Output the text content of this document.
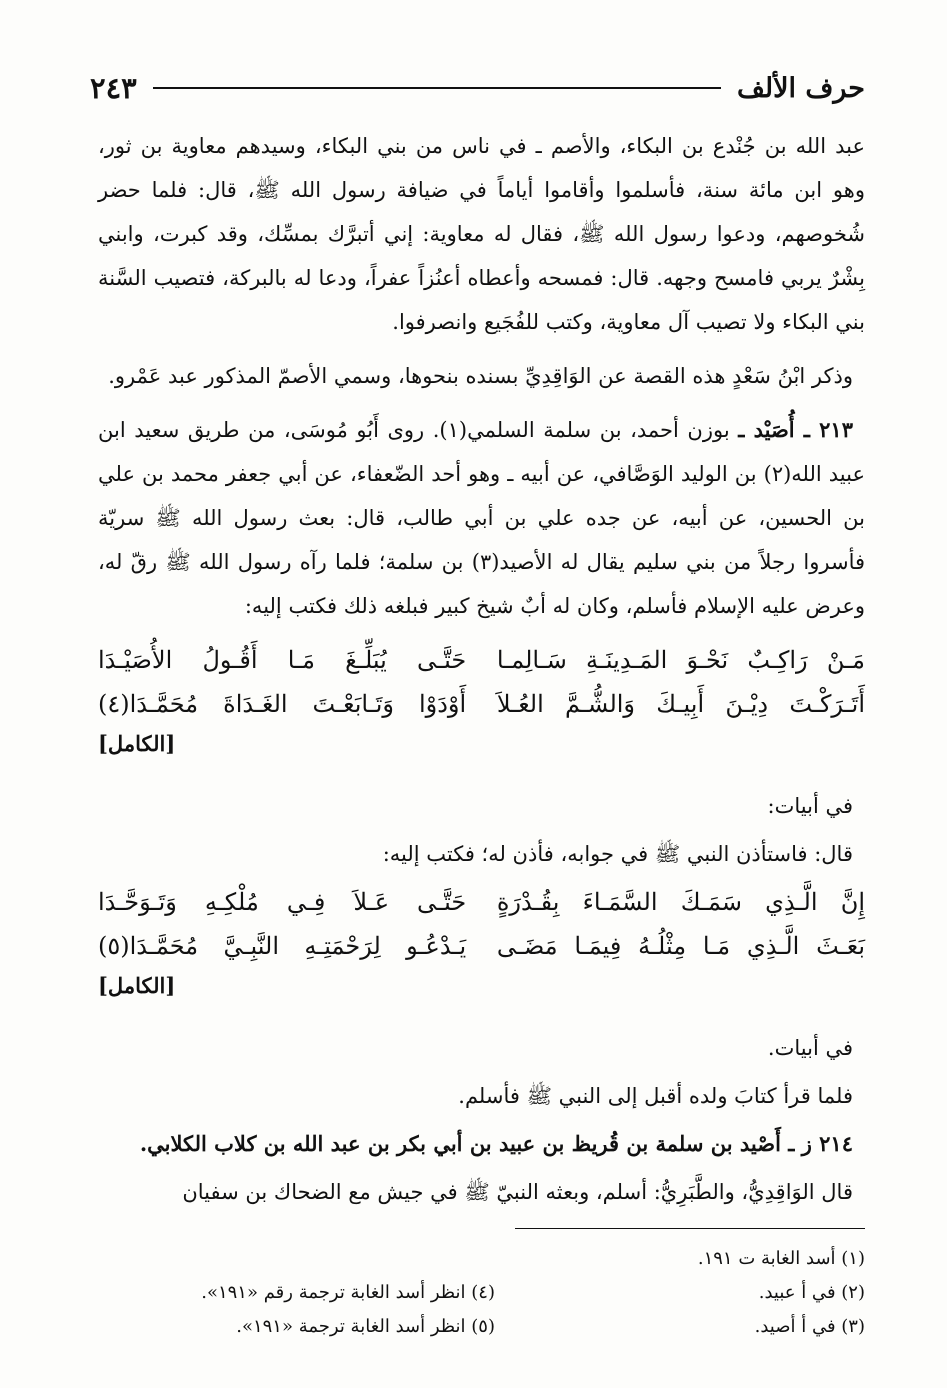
حرف الألف
٢٤٣

عبد الله بن جُنْدع بن البكاء، والأصم ـ في ناس من بني البكاء، وسيدهم معاوية بن ثور، وهو ابن مائة سنة، فأسلموا وأقاموا أياماً في ضيافة رسول الله ﷺ، قال: فلما حضر شُخوصهم، ودعوا رسول الله ﷺ، فقال له معاوية: إني أتبرَّك بمسِّك، وقد كبرت، وابني بِشْرٌ يربي فامسح وجهه. قال: فمسحه وأعطاه أعنُزاً عفراً، ودعا له بالبركة، فتصيب السَّنة بني البكاء ولا تصيب آل معاوية، وكتب للفُجَيع وانصرفوا.

وذكر ابْنُ سَعْدٍ هذه القصة عن الوَاقِدِيِّ بسنده بنحوها، وسمي الأصمّ المذكور عبد عَمْرو.

٢١٣ ـ أُصَيْد ـ بوزن أحمد، بن سلمة السلمي(١). روى أَبُو مُوسَى، من طريق سعيد ابن عبيد الله(٢) بن الوليد الوَصَّافي، عن أبيه ـ وهو أحد الضّعفاء، عن أبي جعفر محمد بن علي بن الحسين، عن أبيه، عن جده علي بن أبي طالب، قال: بعث رسول الله ﷺ سريّة فأسروا رجلاً من بني سليم يقال له الأصيد(٣) بن سلمة؛ فلما رآه رسول الله ﷺ رقّ له، وعرض عليه الإسلام فأسلم، وكان له أبٌ شيخ كبير فبلغه ذلك فكتب إليه:

مَـنْ رَاكِـبٌ نَحْـوَ المَـدِينَـةِ سَـالِمـا
حَتَّـى يُبَلِّـغَ مَـا أَقُـولُ الأُصَيْـدَا
أَتَـرَكْـتَ دِيْـنَ أَبِيـكَ وَالشُّـمَّ العُـلاَ
أَوْدَوْا وَتَـابَعْـتَ الغَـدَاةَ مُحَمَّـدَا(٤)
[الكامل]

في أبيات:

قال: فاستأذن النبي ﷺ في جوابه، فأذن له؛ فكتب إليه:

إِنَّ الَّـذِي سَمَـكَ السَّمَـاءَ بِقُـدْرَةٍ
حَتَّـى عَـلاَ فِـي مُلْكِـهِ وَتَـوَحَّـدَا
بَعَـثَ الَّـذِي مَـا مِثْلُـهُ فِيمَـا مَضَـى
يَـدْعُـو لِرَحْمَتِـهِ النَّبِـيَّ مُحَمَّـدَا(٥)
[الكامل]

في أبيات.

فلما قرأ كتابَ ولده أقبل إلى النبي ﷺ فأسلم.

٢١٤ ز ـ أَصْيد بن سلمة بن قُريظ بن عبيد بن أبي بكر بن عبد الله بن كلاب الكلابي.

قال الوَاقِدِيُّ، والطَّبَرِيُّ: أسلم، وبعثه النبيّ ﷺ في جيش مع الضحاك بن سفيان

(١) أسد الغابة ت ١٩١.
(٢) في أ عبيد.
(٤) انظر أسد الغابة ترجمة رقم «١٩١».
(٣) في أ أصيد.
(٥) انظر أسد الغابة ترجمة «١٩١».
